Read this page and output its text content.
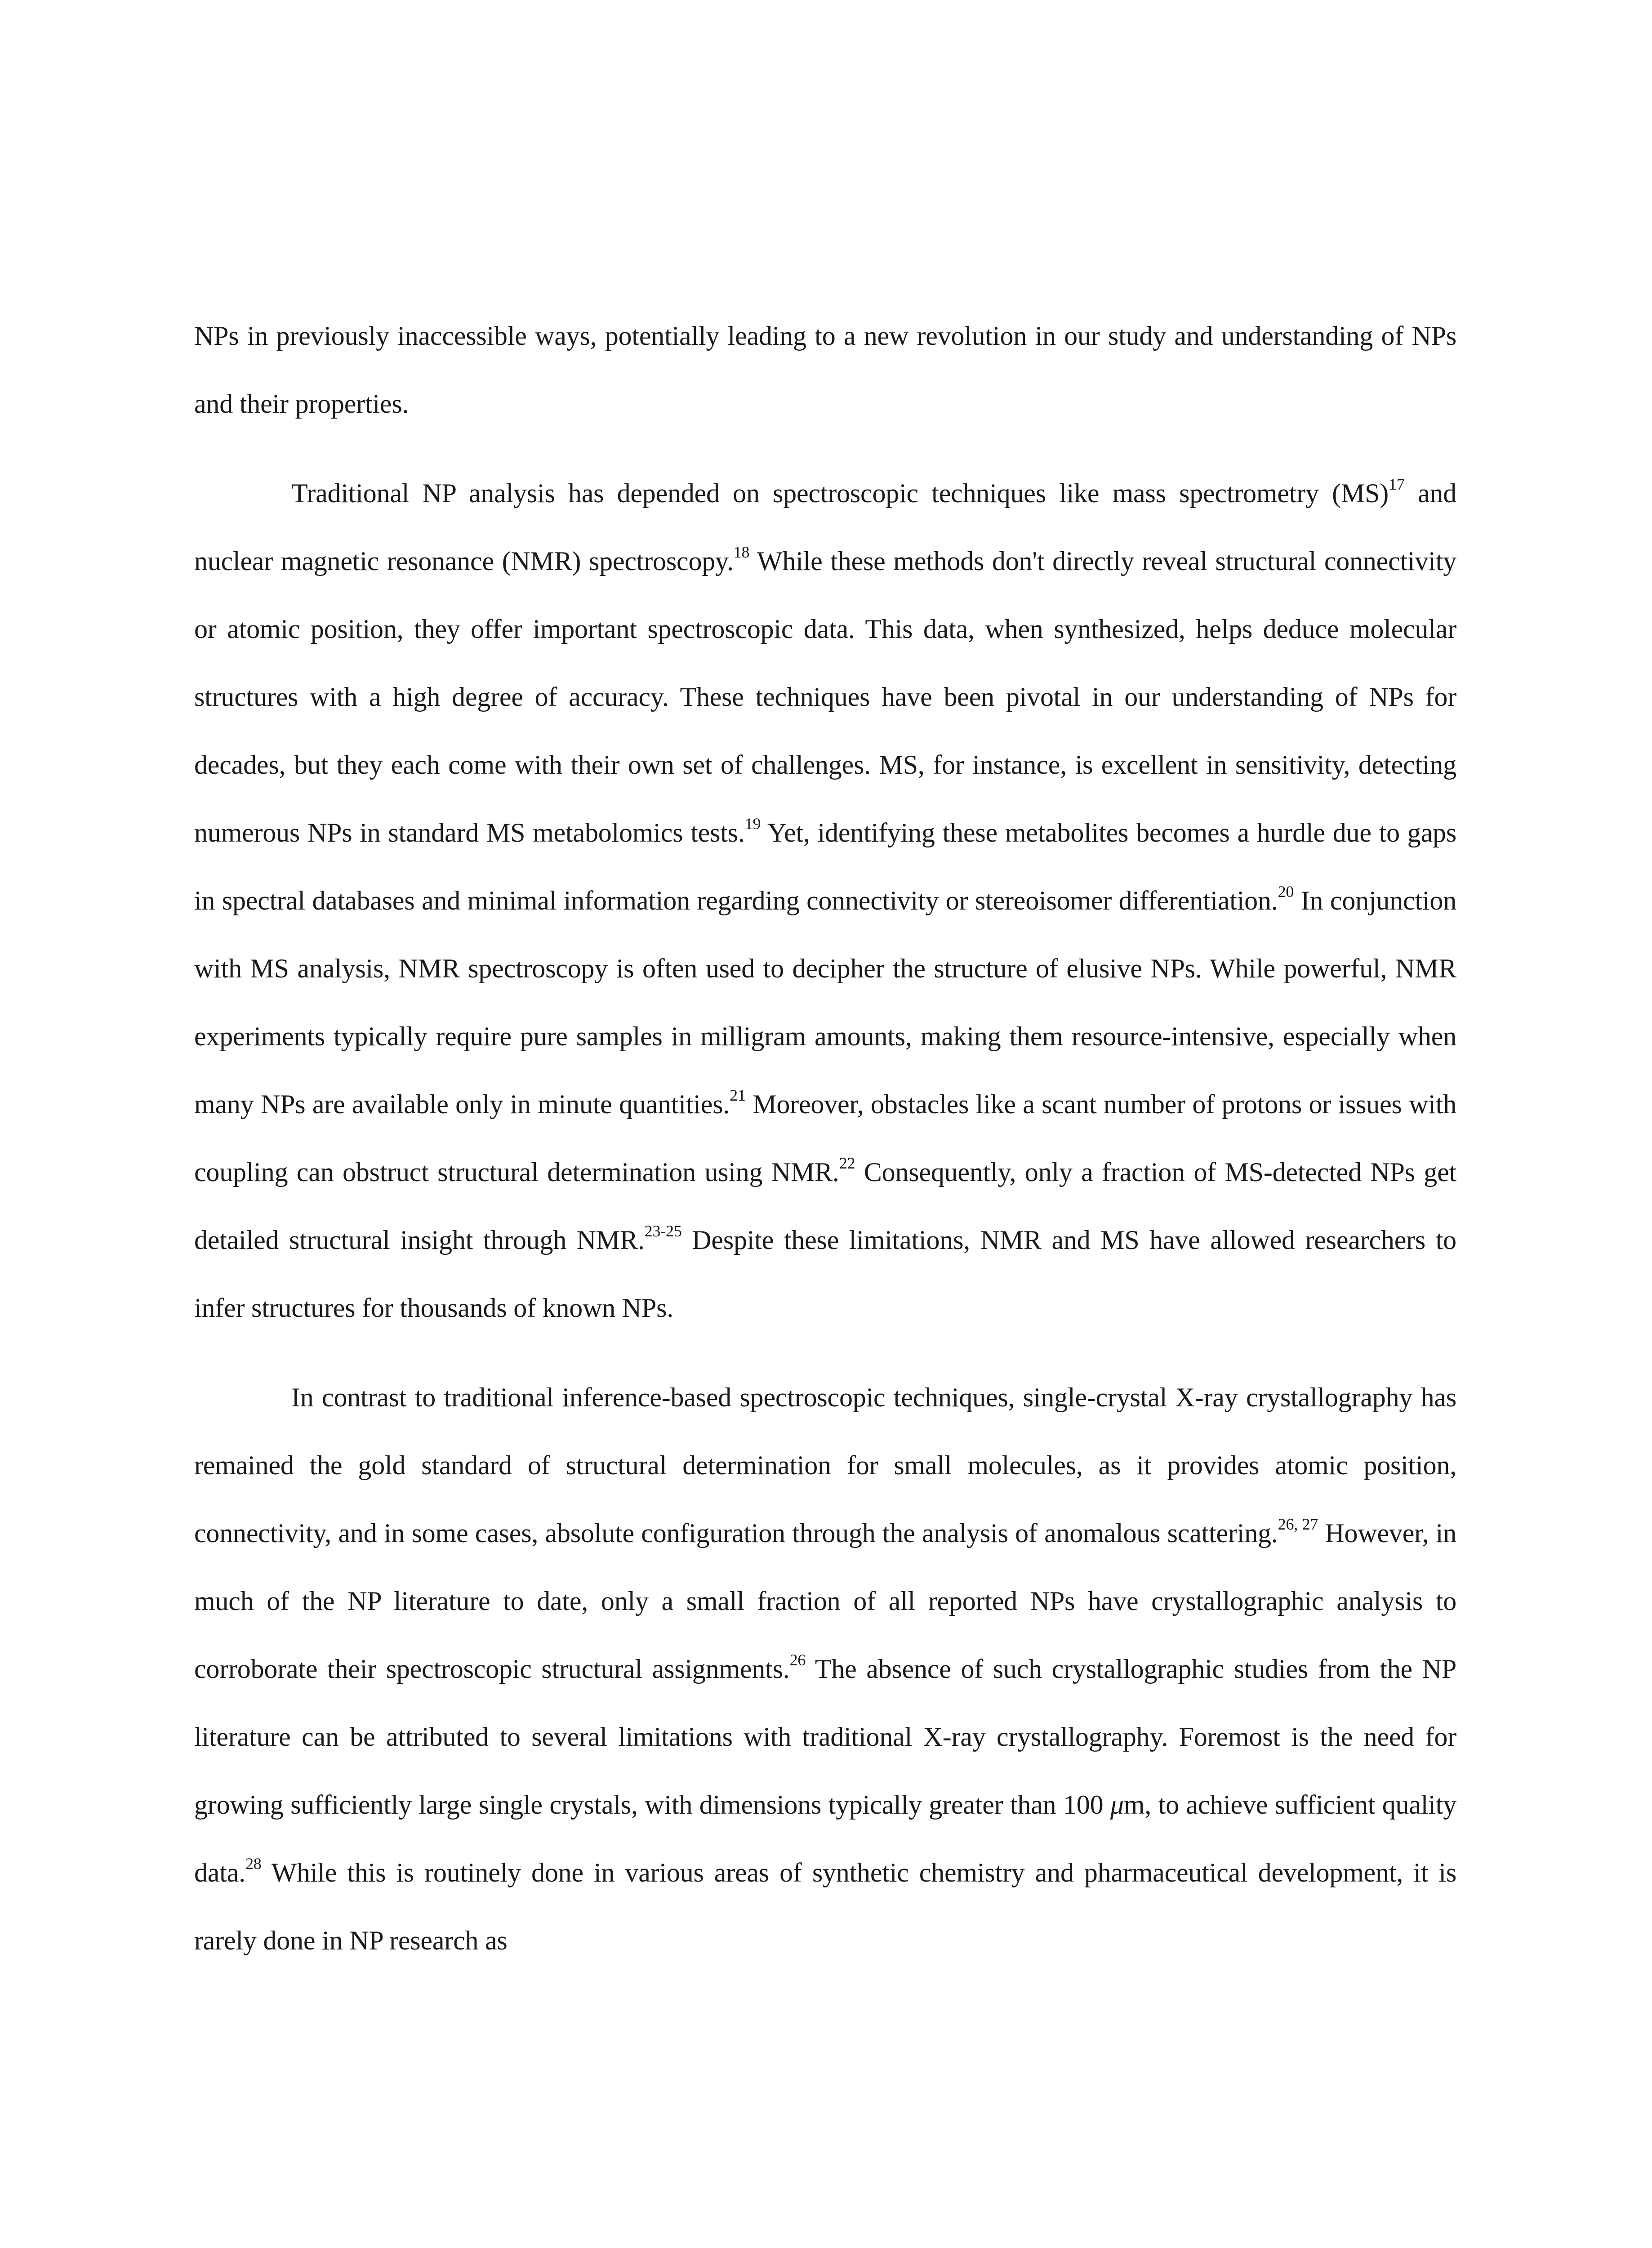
NPs in previously inaccessible ways, potentially leading to a new revolution in our study and understanding of NPs and their properties.

Traditional NP analysis has depended on spectroscopic techniques like mass spectrometry (MS)$^{17}$ and nuclear magnetic resonance (NMR) spectroscopy.$^{18}$ While these methods don't directly reveal structural connectivity or atomic position, they offer important spectroscopic data. This data, when synthesized, helps deduce molecular structures with a high degree of accuracy. These techniques have been pivotal in our understanding of NPs for decades, but they each come with their own set of challenges. MS, for instance, is excellent in sensitivity, detecting numerous NPs in standard MS metabolomics tests.$^{19}$ Yet, identifying these metabolites becomes a hurdle due to gaps in spectral databases and minimal information regarding connectivity or stereoisomer differentiation.$^{20}$ In conjunction with MS analysis, NMR spectroscopy is often used to decipher the structure of elusive NPs. While powerful, NMR experiments typically require pure samples in milligram amounts, making them resource-intensive, especially when many NPs are available only in minute quantities.$^{21}$ Moreover, obstacles like a scant number of protons or issues with coupling can obstruct structural determination using NMR.$^{22}$ Consequently, only a fraction of MS-detected NPs get detailed structural insight through NMR.$^{23-25}$ Despite these limitations, NMR and MS have allowed researchers to infer structures for thousands of known NPs.

In contrast to traditional inference-based spectroscopic techniques, single-crystal X-ray crystallography has remained the gold standard of structural determination for small molecules, as it provides atomic position, connectivity, and in some cases, absolute configuration through the analysis of anomalous scattering.$^{26, 27}$ However, in much of the NP literature to date, only a small fraction of all reported NPs have crystallographic analysis to corroborate their spectroscopic structural assignments.$^{26}$ The absence of such crystallographic studies from the NP literature can be attributed to several limitations with traditional X-ray crystallography. Foremost is the need for growing sufficiently large single crystals, with dimensions typically greater than 100 μm, to achieve sufficient quality data.$^{28}$ While this is routinely done in various areas of synthetic chemistry and pharmaceutical development, it is rarely done in NP research as
